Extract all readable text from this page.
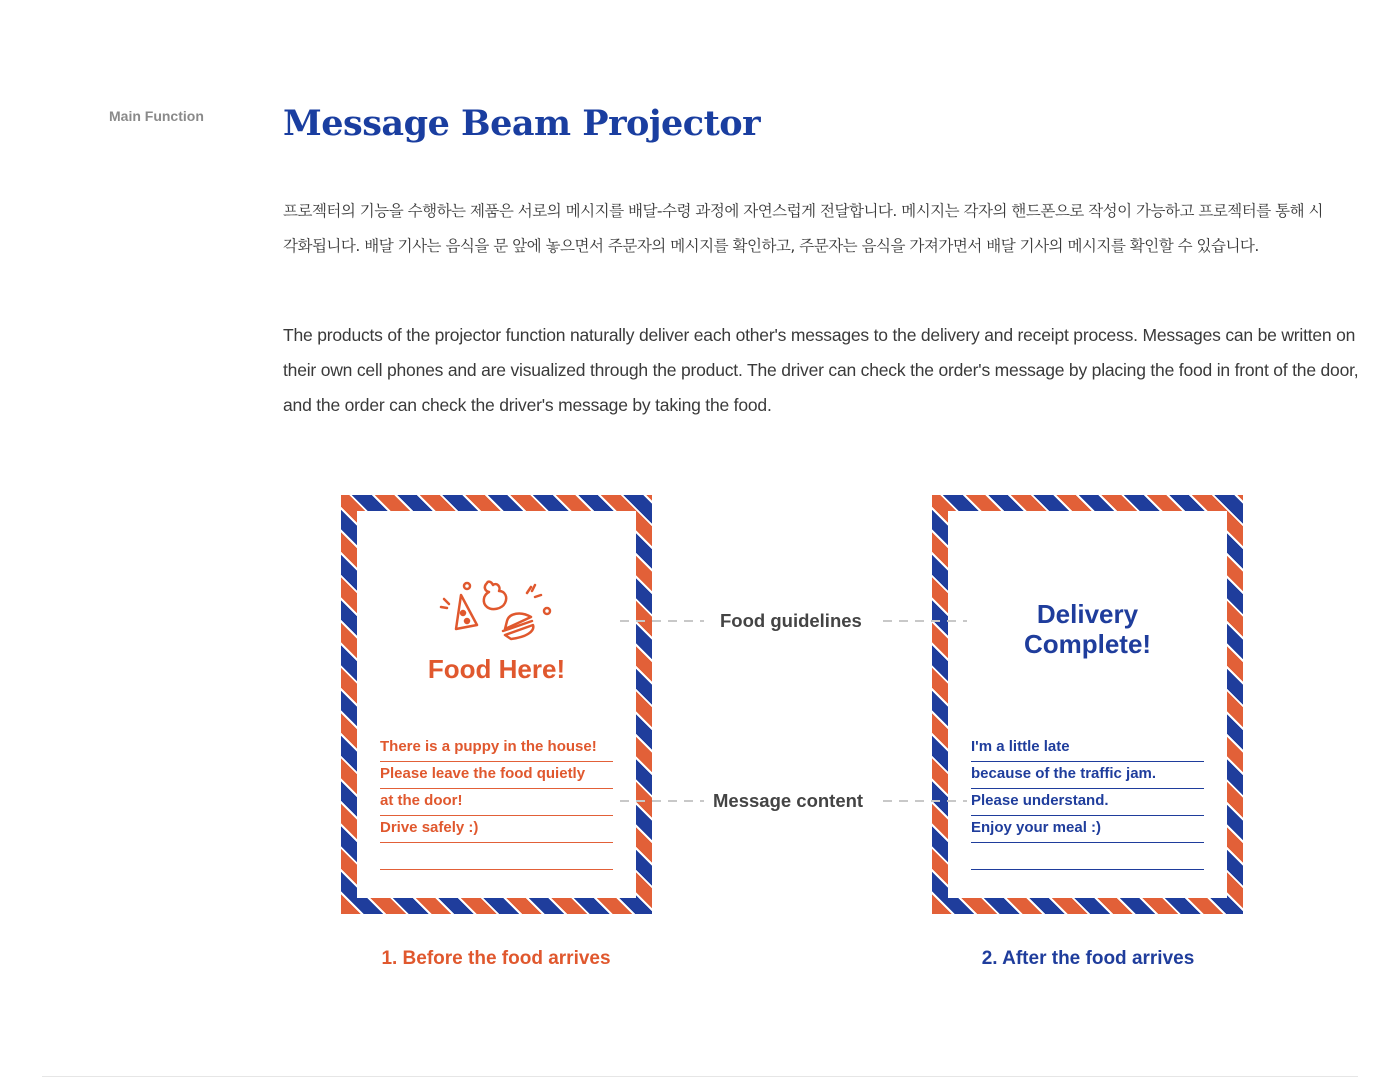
Main Function Message Beam Projector

프로젝터의 기능을 수행하는 제품은 서로의 메시지를 배달-수령 과정에 자연스럽게 전달합니다. 메시지는 각자의 핸드폰으로 작성이 가능하고 프로젝터를 통해 시각화됩니다. 배달 기사는 음식을 문 앞에 놓으면서 주문자의 메시지를 확인하고, 주문자는 음식을 가져가면서 배달 기사의 메시지를 확인할 수 있습니다.

The products of the projector function naturally deliver each other's messages to the delivery and receipt process. Messages can be written on their own cell phones and are visualized through the product. The driver can check the order's message by placing the food in front of the door, and the order can check the driver's message by taking the food.

Food Here!
There is a puppy in the house!
Please leave the food quietly
at the door!
Drive safely :)
Delivery
Complete!
I'm a little late
because of the traffic jam.
Please understand.
Enjoy your meal :)
Food guidelines
Message content
1. Before the food arrives	2. After the food arrives
